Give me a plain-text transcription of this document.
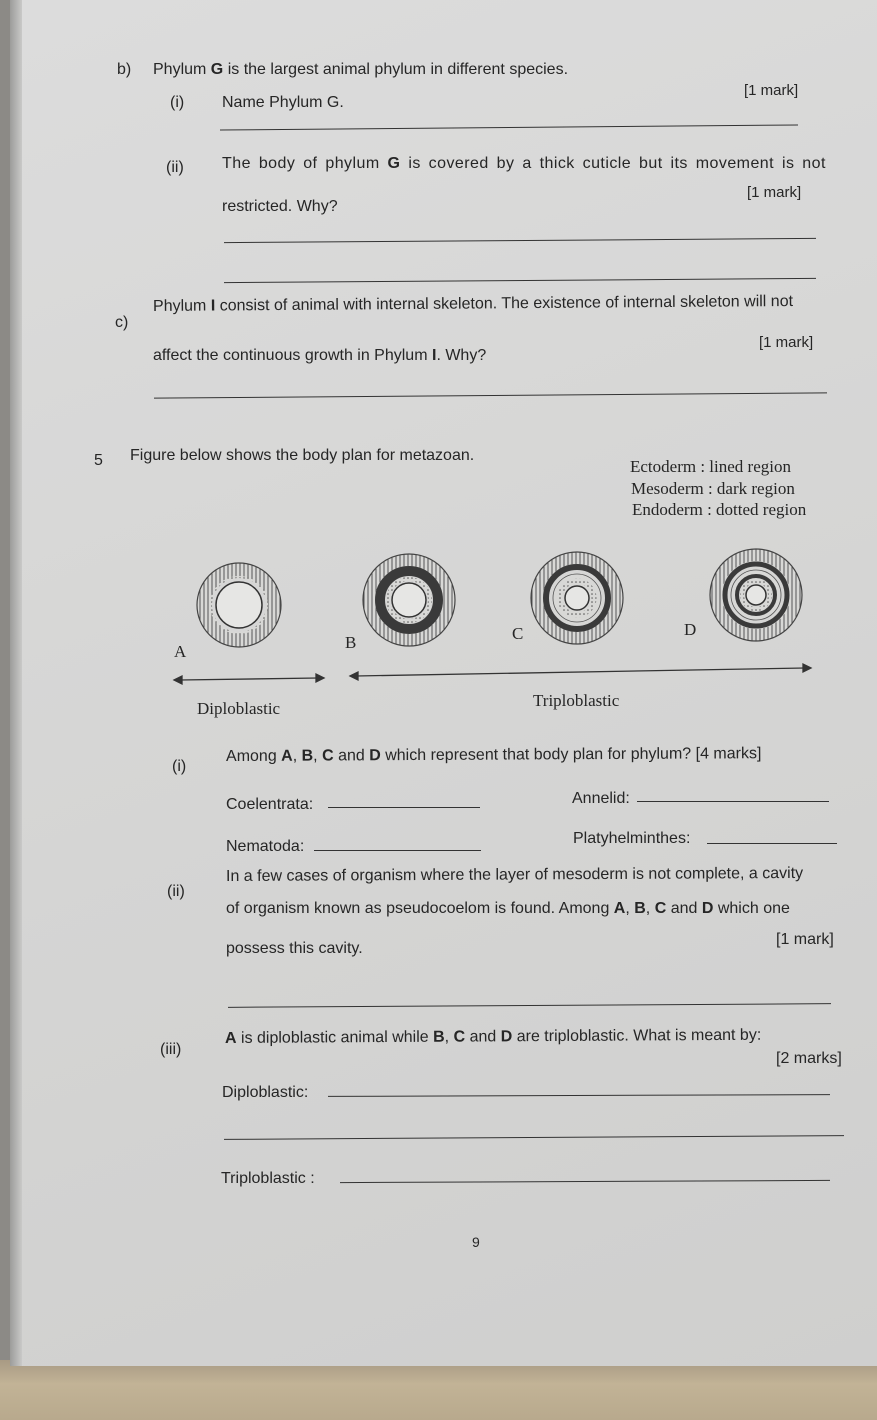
b) Phylum G is the largest animal phylum in different species.
(i) Name Phylum G.
[1 mark]
(ii) The body of phylum G is covered by a thick cuticle but its movement is not
restricted. Why?
[1 mark]
c)
Phylum I consist of animal with internal skeleton. The existence of internal skeleton will not
affect the continuous growth in Phylum I. Why?
[1 mark]
5 Figure below shows the body plan for metazoan.
Ectoderm : lined region
Mesoderm : dark region
Endoderm : dotted region
A	B	C	D
Diploblastic	Triploblastic
(i)
Among A, B, C and D which represent that body plan for phylum? [4 marks]
Coelentrata:	Annelid:
Nematoda:	Platyhelminthes:
(ii)
In a few cases of organism where the layer of mesoderm is not complete, a cavity
of organism known as pseudocoelom is found. Among A, B, C and D which one
possess this cavity.
[1 mark]
(iii)
A is diploblastic animal while B, C and D are triploblastic. What is meant by:
[2 marks]
Diploblastic:
Triploblastic :
9
